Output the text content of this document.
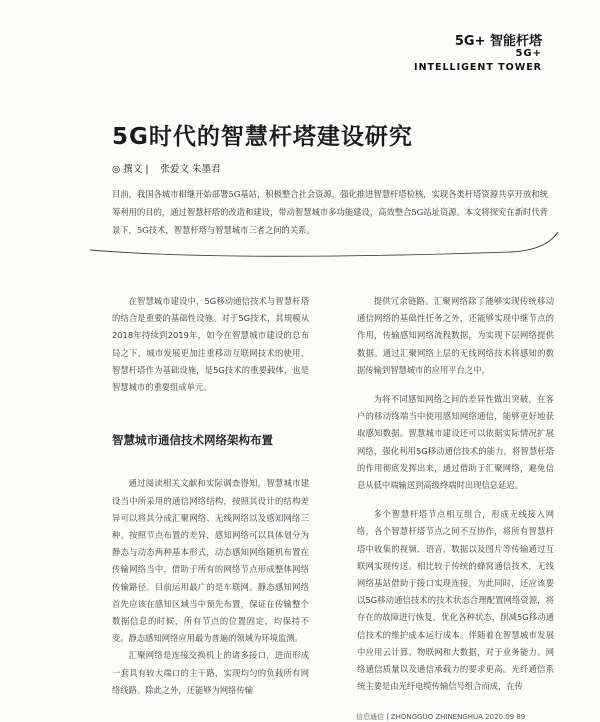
5G+ 智能杆塔
5G+
INTELLIGENT TOWER
5G时代的智慧杆塔建设研究
◎ 撰文 | 张爱文 朱墨君
目前，我国各城市相继开始部署5G基站，积极整合社会资源，强化推进智慧杆塔检核，实现各类杆塔资源共享开放和统筹利用的目的，通过智慧杆塔的改造和建设，带动智慧城市多功能建设，高效整合5G站址资源。本文将探究在新时代背景下，5G技术，智慧杆塔与智慧城市三者之间的关系。

在智慧城市建设中，5G移动通信技术与智慧杆塔的结合是重要的基础性设施。对于5G技术，其規模从2018年持续到2019年，如今在智慧城市建设的总布局之下，城市发展更加注重移动互联网技术的使用，智慧杆塔作为基础设施，是5G技术的重要载体，也是智慧城市的重要组成单元。

智慧城市通信技术网络架构布置

通过阅读相关文献和实际调查得知，智慧城市建设当中所采用的通信网络结构，按照其设计的结构差异可以将其分成汇聚网络、无线网络以及感知网络三种。按照节点布置的差异，感知网络可以具体划分为静态与动态两种基本形式，动态感知网络随机布置在传输网络当中，借助于所有的网络节点形成整体网络传输路径。目前运用最广的是车联网。静态感知网络首先应该在感知区域当中预先布置，保证在传输整个数据信息的时候，所有节点的位置固定，均保持不变。静态感知网络应用最为普遍的领域为环境监测。

汇聚网络是连接交换机上的诸多接口，进而形成一套具有较大端口的主干路，实现均匀的负载所有网络线路。除此之外，还能够为网络传输

提供冗余链路。汇聚网络除了能够实现传统移动通信网络的基础性任务之外，还能够实现中继节点的作用，传输感知网络流程数据，为实现下层网络提供数据。通过汇聚网络上层的无线网络技术将感知的数据传输到智慧城市的应用平台之中。

为将不同感知网络之间的差异性做出突破，在客户的移动终端当中使用感知网络通信，能够更好地获取感知数据。智慧城市建设还可以依据实际情况扩展网络，强化利用5G移动通信技术的能力，将智慧杆塔的作用彻底发挥出来，通过借助于汇聚网络，避免信息从低中端输送到高级终端时出现信息延迟。

多个智慧杆塔节点相互组合，形成无线接入网络，各个智慧杆塔节点之间不互协作，将所有智慧杆塔中收集的视频、语音、数据以及图片等传输通过互联网实现传送。相比较于传统的蜂窝通信技术，无线网络基站借助于接口实现连接，为此同时，还应该要以5G移动通信技术的技术状态合理配置网络资源，将存在的故障进行恢复，优化各种状态，削减5G移动通信技术的维护成本运行成本。伴随着在智慧城市发展中应用云计算、物联网和大数据，对于业务能力、网络通信质量以及通信承载力的要求更高。光纤通信系统主要是由光纤电缆传输信号组合而成，在传

信息通信 | ZHONGGUO ZHINENGHUA 2020.09 89
